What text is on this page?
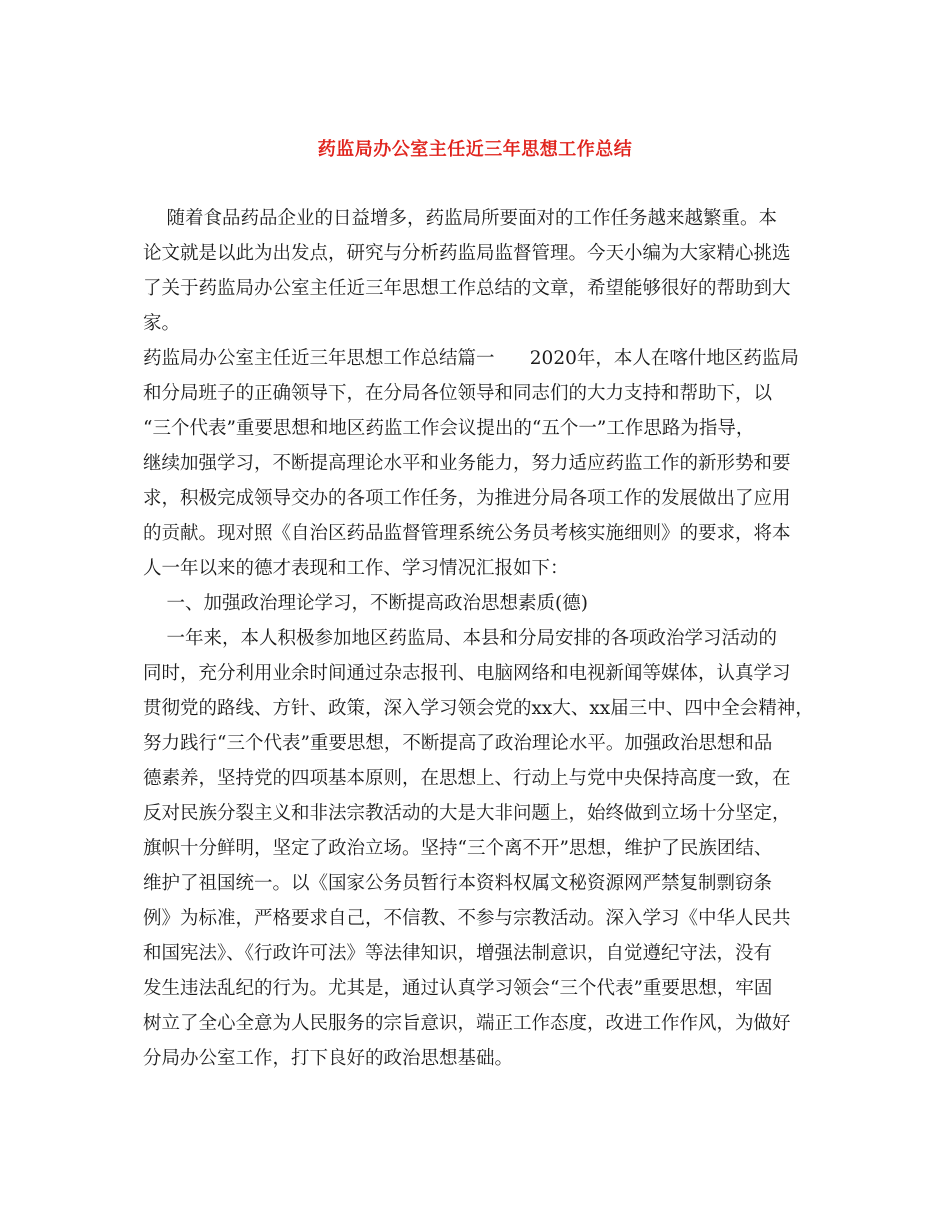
药监局办公室主任近三年思想工作总结
随着食品药品企业的日益增多，药监局所要面对的工作任务越来越繁重。本
论文就是以此为出发点，研究与分析药监局监督管理。今天小编为大家精心挑选
了关于药监局办公室主任近三年思想工作总结的文章，希望能够很好的帮助到大
家。
药监局办公室主任近三年思想工作总结篇一      2020年，本人在喀什地区药监局
和分局班子的正确领导下，在分局各位领导和同志们的大力支持和帮助下，以
“三个代表”重要思想和地区药监工作会议提出的“五个一”工作思路为指导，
继续加强学习，不断提高理论水平和业务能力，努力适应药监工作的新形势和要
求，积极完成领导交办的各项工作任务，为推进分局各项工作的发展做出了应用
的贡献。现对照《自治区药品监督管理系统公务员考核实施细则》的要求，将本
人一年以来的德才表现和工作、学习情况汇报如下：
一、加强政治理论学习，不断提高政治思想素质(德)
一年来，本人积极参加地区药监局、本县和分局安排的各项政治学习活动的
同时，充分利用业余时间通过杂志报刊、电脑网络和电视新闻等媒体，认真学习
贯彻党的路线、方针、政策，深入学习领会党的xx大、xx届三中、四中全会精神，
努力践行“三个代表”重要思想，不断提高了政治理论水平。加强政治思想和品
德素养，坚持党的四项基本原则，在思想上、行动上与党中央保持高度一致，在
反对民族分裂主义和非法宗教活动的大是大非问题上，始终做到立场十分坚定，
旗帜十分鲜明，坚定了政治立场。坚持“三个离不开”思想，维护了民族团结、
维护了祖国统一。以《国家公务员暂行本资料权属文秘资源网严禁复制剽窃条
例》为标准，严格要求自己，不信教、不参与宗教活动。深入学习《中华人民共
和国宪法》、《行政许可法》等法律知识，增强法制意识，自觉遵纪守法，没有
发生违法乱纪的行为。尤其是，通过认真学习领会“三个代表”重要思想，牢固
树立了全心全意为人民服务的宗旨意识，端正工作态度，改进工作作风，为做好
分局办公室工作，打下良好的政治思想基础。
